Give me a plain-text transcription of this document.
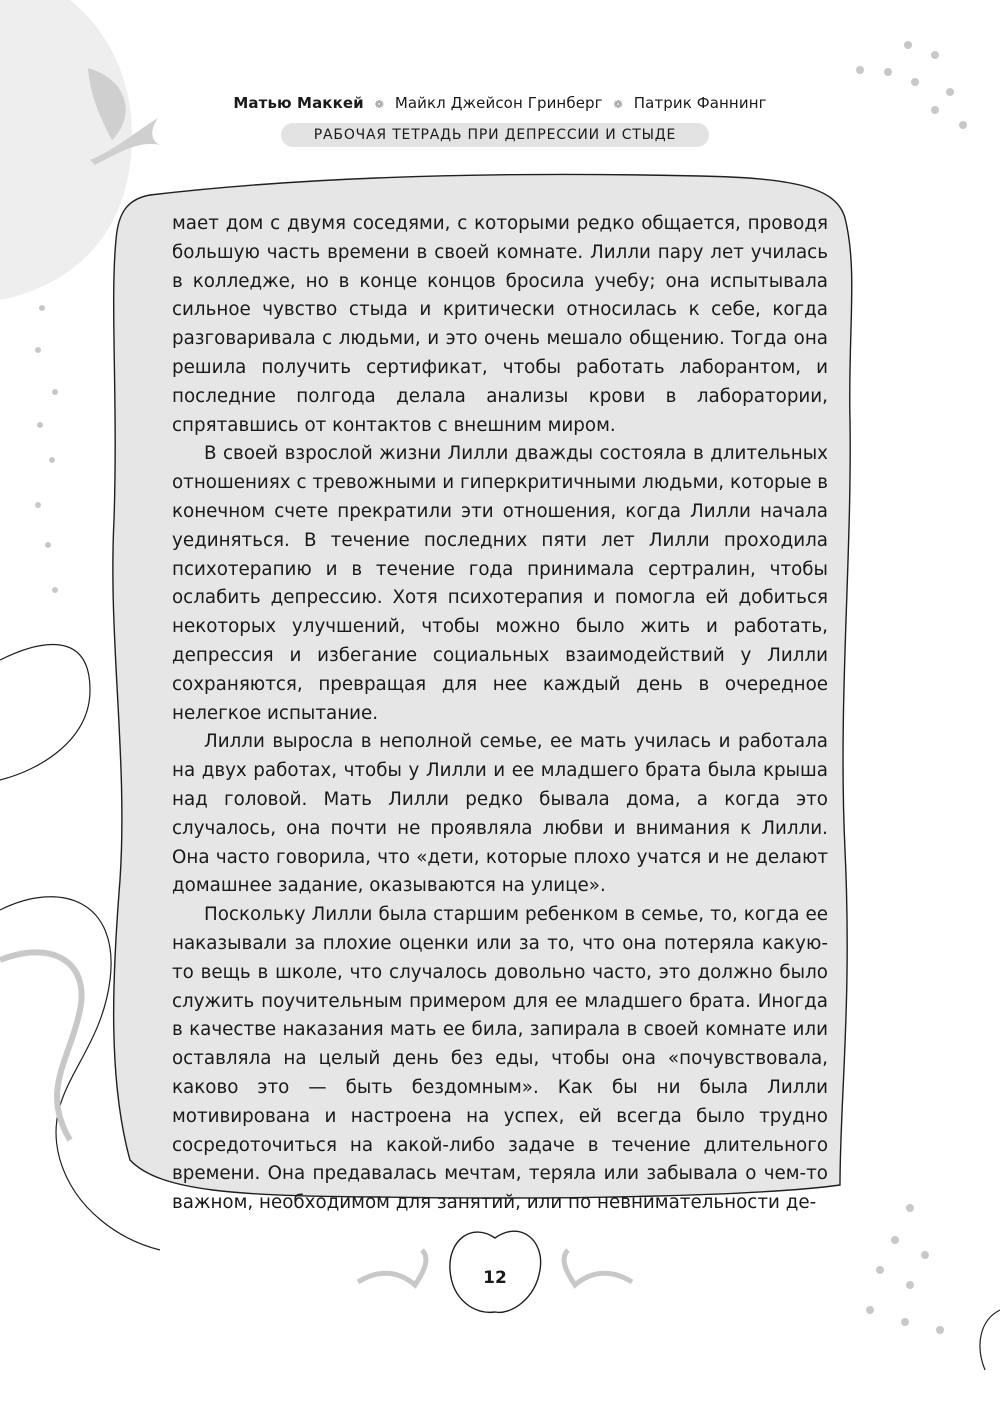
Матью Маккей ❁ Майкл Джейсон Гринберг ❁ Патрик Фаннинг
РАБОЧАЯ ТЕТРАДЬ ПРИ ДЕПРЕССИИ И СТЫДЕ

мает дом с двумя соседями, с которыми редко общается, проводя большую часть времени в своей комнате. Лилли пару лет училась в колледже, но в конце концов бросила учебу; она испытывала сильное чувство стыда и критически относилась к себе, когда разговаривала с людьми, и это очень мешало общению. Тогда она решила получить сертификат, чтобы работать лаборантом, и последние полгода делала анализы крови в лаборатории, спрятавшись от контактов с внешним миром.

В своей взрослой жизни Лилли дважды состояла в длительных отношениях с тревожными и гиперкритичными людьми, которые в конечном счете прекратили эти отношения, когда Лилли начала уединяться. В течение последних пяти лет Лилли проходила психотерапию и в течение года принимала сертралин, чтобы ослабить депрессию. Хотя психотерапия и помогла ей добиться некоторых улучшений, чтобы можно было жить и работать, депрессия и избегание социальных взаимодействий у Лилли сохраняются, превращая для нее каждый день в очередное нелегкое испытание.

Лилли выросла в неполной семье, ее мать училась и работала на двух работах, чтобы у Лилли и ее младшего брата была крыша над головой. Мать Лилли редко бывала дома, а когда это случалось, она почти не проявляла любви и внимания к Лилли. Она часто говорила, что «дети, которые плохо учатся и не делают домашнее задание, оказываются на улице».

Поскольку Лилли была старшим ребенком в семье, то, когда ее наказывали за плохие оценки или за то, что она потеряла какую-то вещь в школе, что случалось довольно часто, это должно было служить поучительным примером для ее младшего брата. Иногда в качестве наказания мать ее била, запирала в своей комнате или оставляла на целый день без еды, чтобы она «почувствовала, каково это — быть бездомным». Как бы ни была Лилли мотивирована и настроена на успех, ей всегда было трудно сосредоточиться на какой-либо задаче в течение длительного времени. Она предавалась мечтам, теряла или забывала о чем-то важном, необходимом для занятий, или по невнимательности де-

12
